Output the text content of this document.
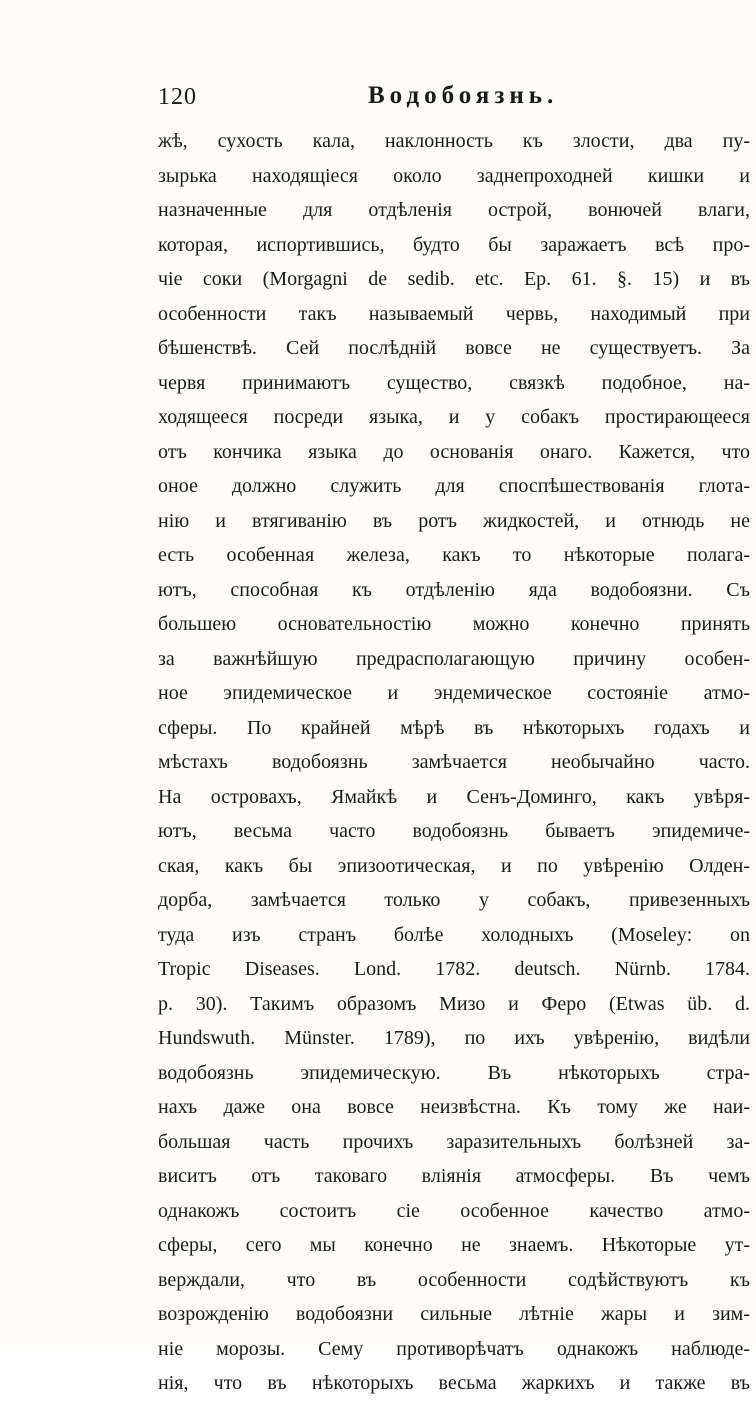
120	Водобоязнь.
жѣ, сухость кала, наклонность къ злости, два пу-
зырька находящіеся около заднепроходней кишки и
назначенные для отдѣленія острой, вонючей влаги,
которая, испортившись, будто бы заражаетъ всѣ про-
чіе соки (Morgagni de sedib. etc. Ep. 61. §. 15) и въ
особенности такъ называемый червь, находимый при
бѣшенствѣ. Сей послѣдній вовсе не существуетъ. За
червя принимаютъ существо, связкѣ подобное, на-
ходящееся посреди языка, и у собакъ простирающееся
отъ кончика языка до основанія онаго. Кажется, что
оное должно служить для споспѣшествованія глота-
нію и втягиванію въ ротъ жидкостей, и отнюдь не
есть особенная железа, какъ то нѣкоторые полага-
ютъ, способная къ отдѣленію яда водобоязни. Съ
большею основательностію можно конечно принять
за важнѣйшую предрасполагающую причину особен-
ное эпидемическое и эндемическое состояніе атмо-
сферы. По крайней мѣрѣ въ нѣкоторыхъ годахъ и
мѣстахъ водобоязнь замѣчается необычайно часто.
На островахъ, Ямайкѣ и Сенъ-Доминго, какъ увѣря-
ютъ, весьма часто водобоязнь бываетъ эпидемиче-
ская, какъ бы эпизоотическая, и по увѣренію Олден-
дорба, замѣчается только у собакъ, привезенныхъ
туда изъ странъ болѣе холодныхъ (Moseley: on
Tropic Diseases. Lond. 1782. deutsch. Nürnb. 1784.
p. 30). Такимъ образомъ Мизо и Феро (Etwas üb. d.
Hundswuth. Münster. 1789), по ихъ увѣренію, видѣли
водобоязнь эпидемическую. Въ нѣкоторыхъ стра-
нахъ даже она вовсе неизвѣстна. Къ тому же наи-
большая часть прочихъ заразительныхъ болѣзней за-
виситъ отъ таковаго вліянія атмосферы. Въ чемъ
однакожъ состоитъ сіе особенное качество атмо-
сферы, сего мы конечно не знаемъ. Нѣкоторые ут-
верждали, что въ особенности содѣйствуютъ къ
возрожденію водобоязни сильные лѣтніе жары и зим-
ніе морозы. Сему противорѣчатъ однакожъ наблюде-
нія, что въ нѣкоторыхъ весьма жаркихъ и также въ
